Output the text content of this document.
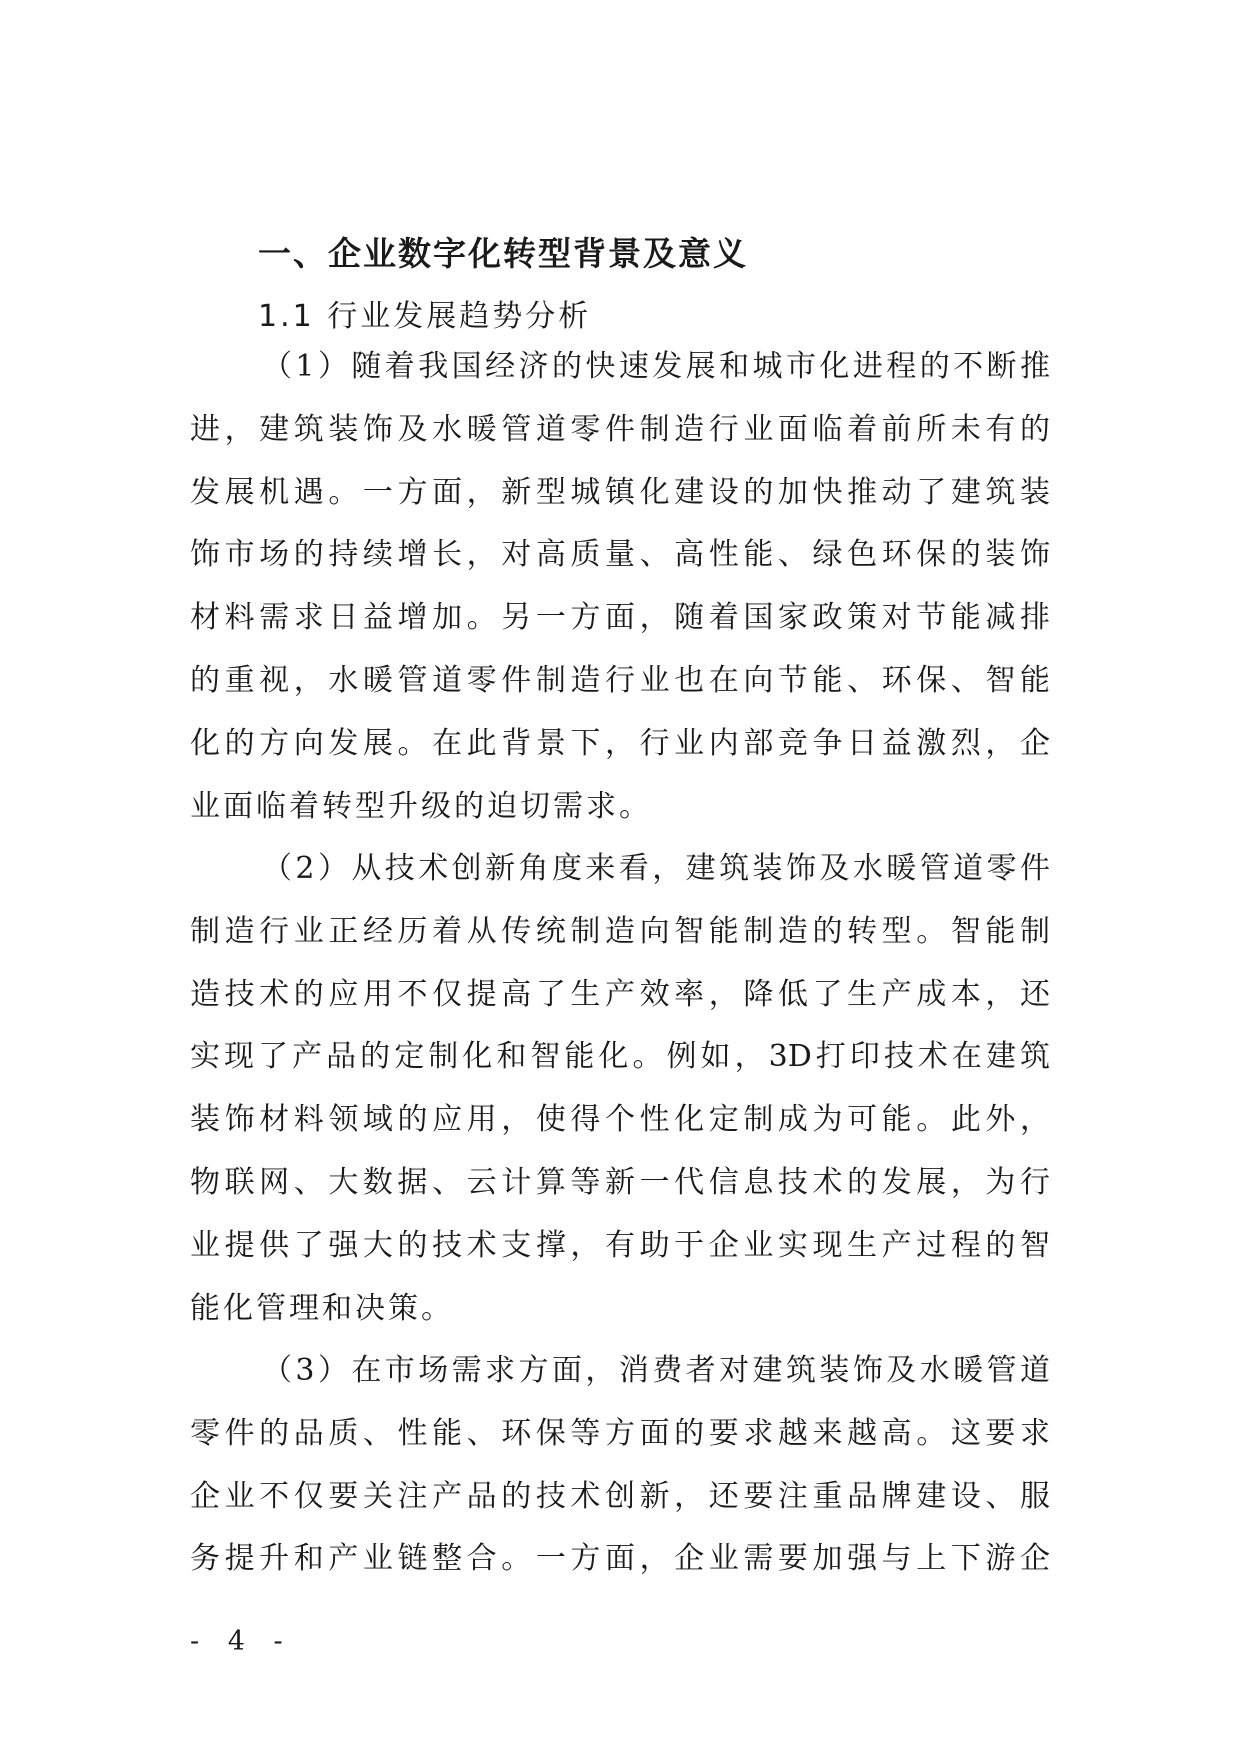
一、企业数字化转型背景及意义
1.1 行业发展趋势分析
（1）随着我国经济的快速发展和城市化进程的不断推
进，建筑装饰及水暖管道零件制造行业面临着前所未有的
发展机遇。一方面，新型城镇化建设的加快推动了建筑装
饰市场的持续增长，对高质量、高性能、绿色环保的装饰
材料需求日益增加。另一方面，随着国家政策对节能减排
的重视，水暖管道零件制造行业也在向节能、环保、智能
化的方向发展。在此背景下，行业内部竞争日益激烈，企
业面临着转型升级的迫切需求。
（2）从技术创新角度来看，建筑装饰及水暖管道零件
制造行业正经历着从传统制造向智能制造的转型。智能制
造技术的应用不仅提高了生产效率，降低了生产成本，还
实现了产品的定制化和智能化。例如，3D打印技术在建筑
装饰材料领域的应用，使得个性化定制成为可能。此外，
物联网、大数据、云计算等新一代信息技术的发展，为行
业提供了强大的技术支撑，有助于企业实现生产过程的智
能化管理和决策。
（3）在市场需求方面，消费者对建筑装饰及水暖管道
零件的品质、性能、环保等方面的要求越来越高。这要求
企业不仅要关注产品的技术创新，还要注重品牌建设、服
务提升和产业链整合。一方面，企业需要加强与上下游企
- 4 -
